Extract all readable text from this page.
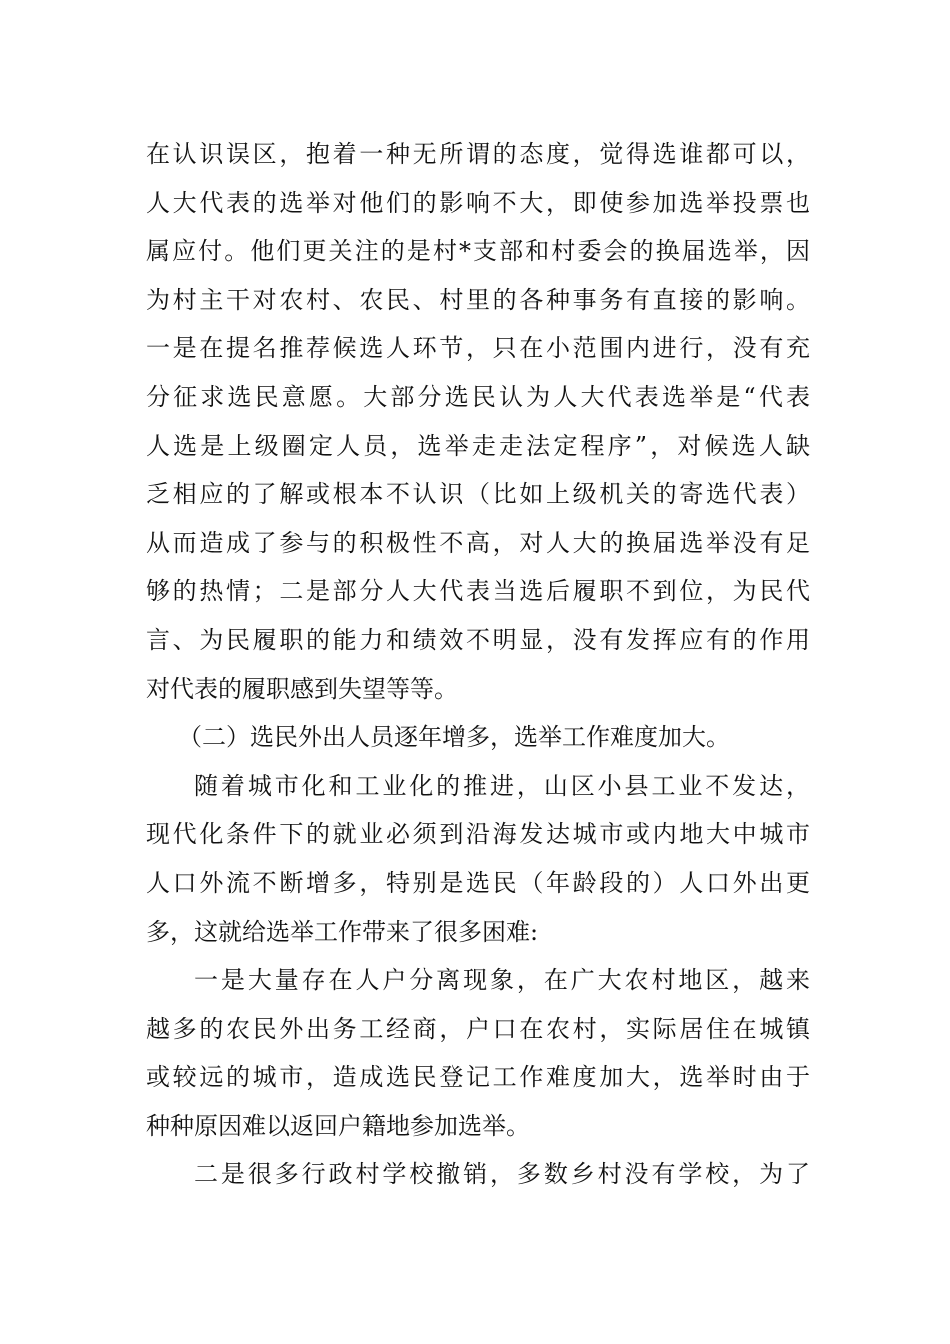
在认识误区，抱着一种无所谓的态度，觉得选谁都可以，
人大代表的选举对他们的影响不大，即使参加选举投票也
属应付。他们更关注的是村*支部和村委会的换届选举，因
为村主干对农村、农民、村里的各种事务有直接的影响。
一是在提名推荐候选人环节，只在小范围内进行，没有充
分征求选民意愿。大部分选民认为人大代表选举是“代表
人选是上级圈定人员，选举走走法定程序”，对候选人缺
乏相应的了解或根本不认识（比如上级机关的寄选代表）
从而造成了参与的积极性不高，对人大的换届选举没有足
够的热情；二是部分人大代表当选后履职不到位，为民代
言、为民履职的能力和绩效不明显，没有发挥应有的作用
对代表的履职感到失望等等。
（二）选民外出人员逐年增多，选举工作难度加大。
随着城市化和工业化的推进，山区小县工业不发达，
现代化条件下的就业必须到沿海发达城市或内地大中城市
人口外流不断增多，特别是选民（年龄段的）人口外出更
多，这就给选举工作带来了很多困难:
一是大量存在人户分离现象，在广大农村地区，越来
越多的农民外出务工经商，户口在农村，实际居住在城镇
或较远的城市，造成选民登记工作难度加大，选举时由于
种种原因难以返回户籍地参加选举。
二是很多行政村学校撤销，多数乡村没有学校，为了
